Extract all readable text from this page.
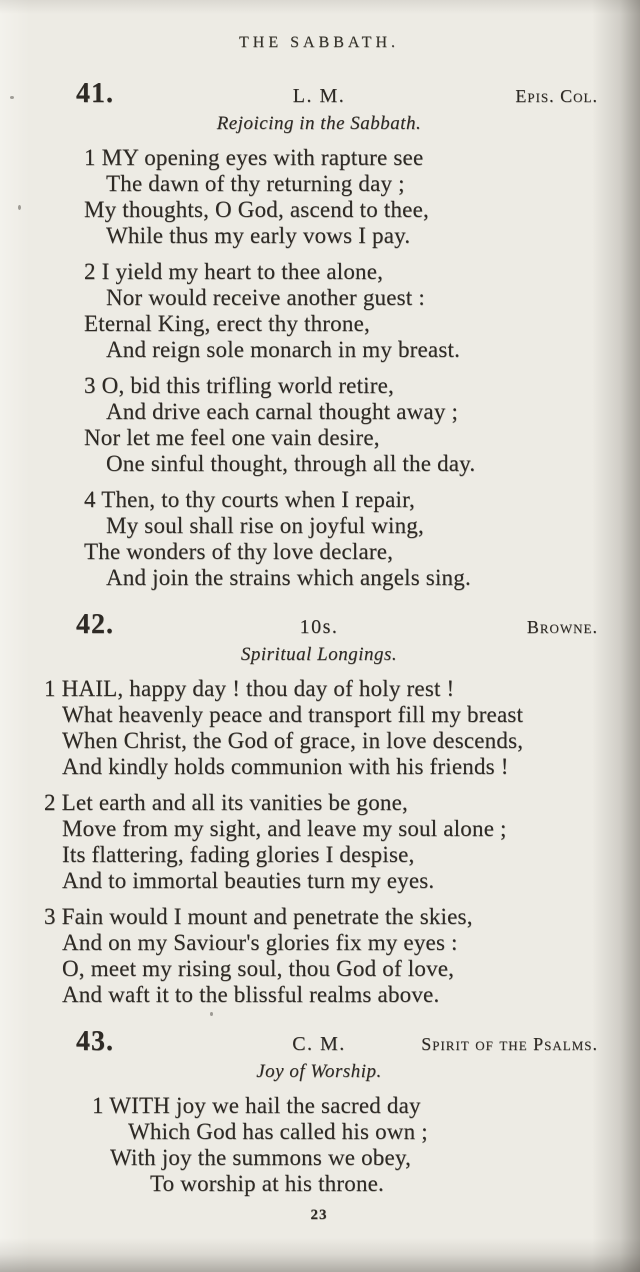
THE SABBATH.
41.	L. M.	Epis. Col.
Rejoicing in the Sabbath.
1 MY opening eyes with rapture see
The dawn of thy returning day ;
My thoughts, O God, ascend to thee,
While thus my early vows I pay.
2 I yield my heart to thee alone,
Nor would receive another guest :
Eternal King, erect thy throne,
And reign sole monarch in my breast.
3 O, bid this trifling world retire,
And drive each carnal thought away ;
Nor let me feel one vain desire,
One sinful thought, through all the day.
4 Then, to thy courts when I repair,
My soul shall rise on joyful wing,
The wonders of thy love declare,
And join the strains which angels sing.
42.	10s.	Browne.
Spiritual Longings.
1 HAIL, happy day ! thou day of holy rest !
What heavenly peace and transport fill my breast
When Christ, the God of grace, in love descends,
And kindly holds communion with his friends !
2 Let earth and all its vanities be gone,
Move from my sight, and leave my soul alone ;
Its flattering, fading glories I despise,
And to immortal beauties turn my eyes.
3 Fain would I mount and penetrate the skies,
And on my Saviour's glories fix my eyes :
O, meet my rising soul, thou God of love,
And waft it to the blissful realms above.
43.	C. M.	Spirit of the Psalms.
Joy of Worship.
1 WITH joy we hail the sacred day
Which God has called his own ;
With joy the summons we obey,
To worship at his throne.
23
